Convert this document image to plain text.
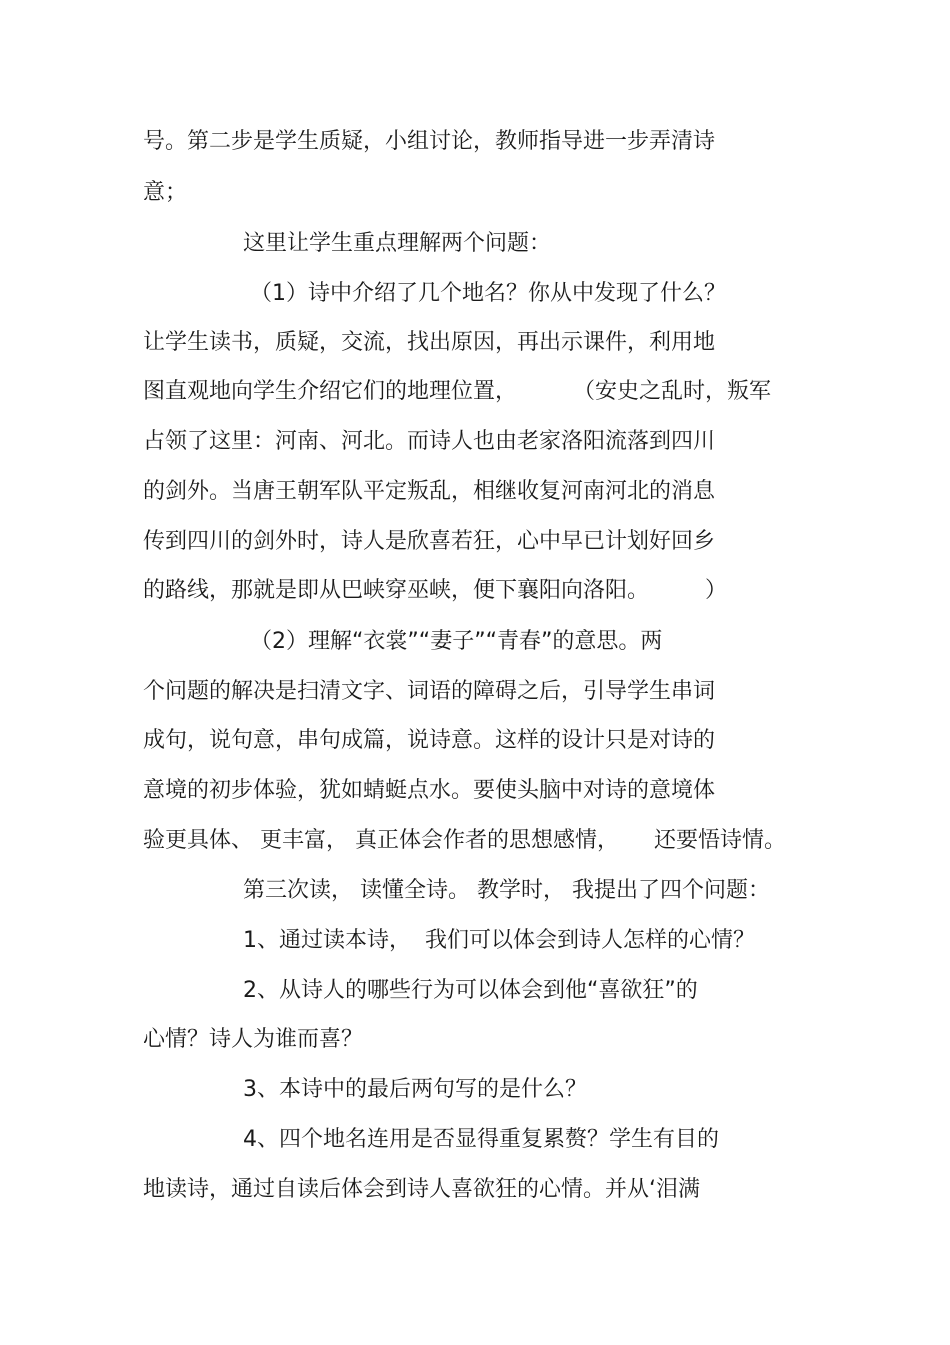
号。第二步是学生质疑，小组讨论，教师指导进一步弄清诗
意；
这里让学生重点理解两个问题：
（1）诗中介绍了几个地名？你从中发现了什么？
让学生读书，质疑，交流，找出原因，再出示课件，利用地
图直观地向学生介绍它们的地理位置，        （安史之乱时，叛军
占领了这里：河南、河北。而诗人也由老家洛阳流落到四川
的剑外。当唐王朝军队平定叛乱，相继收复河南河北的消息
传到四川的剑外时，诗人是欣喜若狂，心中早已计划好回乡
的路线，那就是即从巴峡穿巫峡，便下襄阳向洛阳。        ）
（2）理解“衣裳”“妻子”“青春”的意思。两
个问题的解决是扫清文字、词语的障碍之后，引导学生串词
成句，说句意，串句成篇，说诗意。这样的设计只是对诗的
意境的初步体验，犹如蜻蜓点水。要使头脑中对诗的意境体
验更具体、 更丰富， 真正体会作者的思想感情，     还要悟诗情。
第三次读， 读懂全诗。 教学时， 我提出了四个问题：
1、通过读本诗，  我们可以体会到诗人怎样的心情？
2、从诗人的哪些行为可以体会到他“喜欲狂”的
心情？诗人为谁而喜？
3、本诗中的最后两句写的是什么？
4、四个地名连用是否显得重复累赘？学生有目的
地读诗，通过自读后体会到诗人喜欲狂的心情。并从‘泪满
